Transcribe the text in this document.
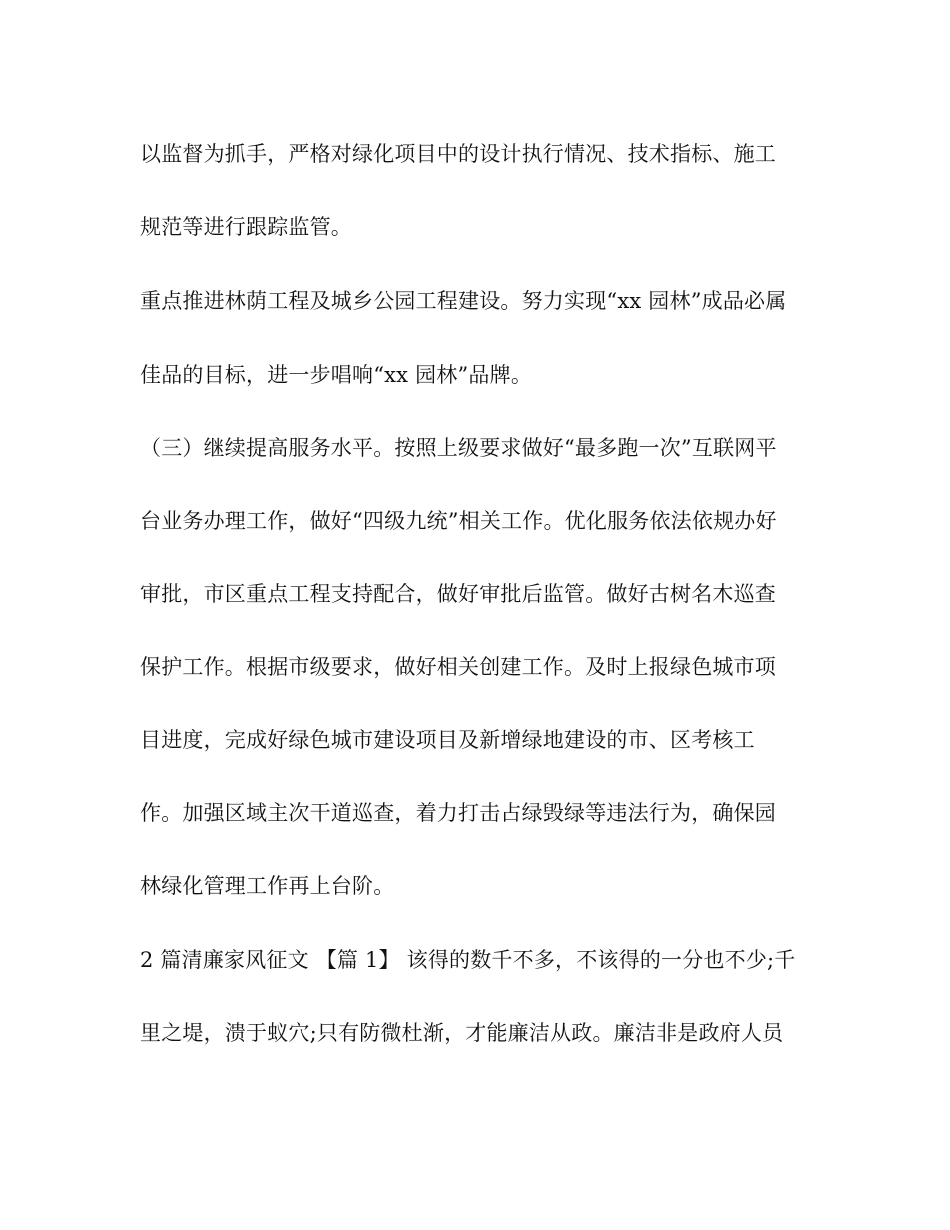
以监督为抓手，严格对绿化项目中的设计执行情况、技术指标、施工
规范等进行跟踪监管。
重点推进林荫工程及城乡公园工程建设。努力实现“xx 园林”成品必属
佳品的目标，进一步唱响“xx 园林”品牌。
（三）继续提高服务水平。按照上级要求做好“最多跑一次”互联网平
台业务办理工作，做好“四级九统”相关工作。优化服务依法依规办好
审批，市区重点工程支持配合，做好审批后监管。做好古树名木巡查
保护工作。根据市级要求，做好相关创建工作。及时上报绿色城市项
目进度，完成好绿色城市建设项目及新增绿地建设的市、区考核工
作。加强区域主次干道巡查，着力打击占绿毁绿等违法行为，确保园
林绿化管理工作再上台阶。
2 篇清廉家风征文 【篇 1】 该得的数千不多，不该得的一分也不少;千
里之堤，溃于蚁穴;只有防微杜渐，才能廉洁从政。廉洁非是政府人员
